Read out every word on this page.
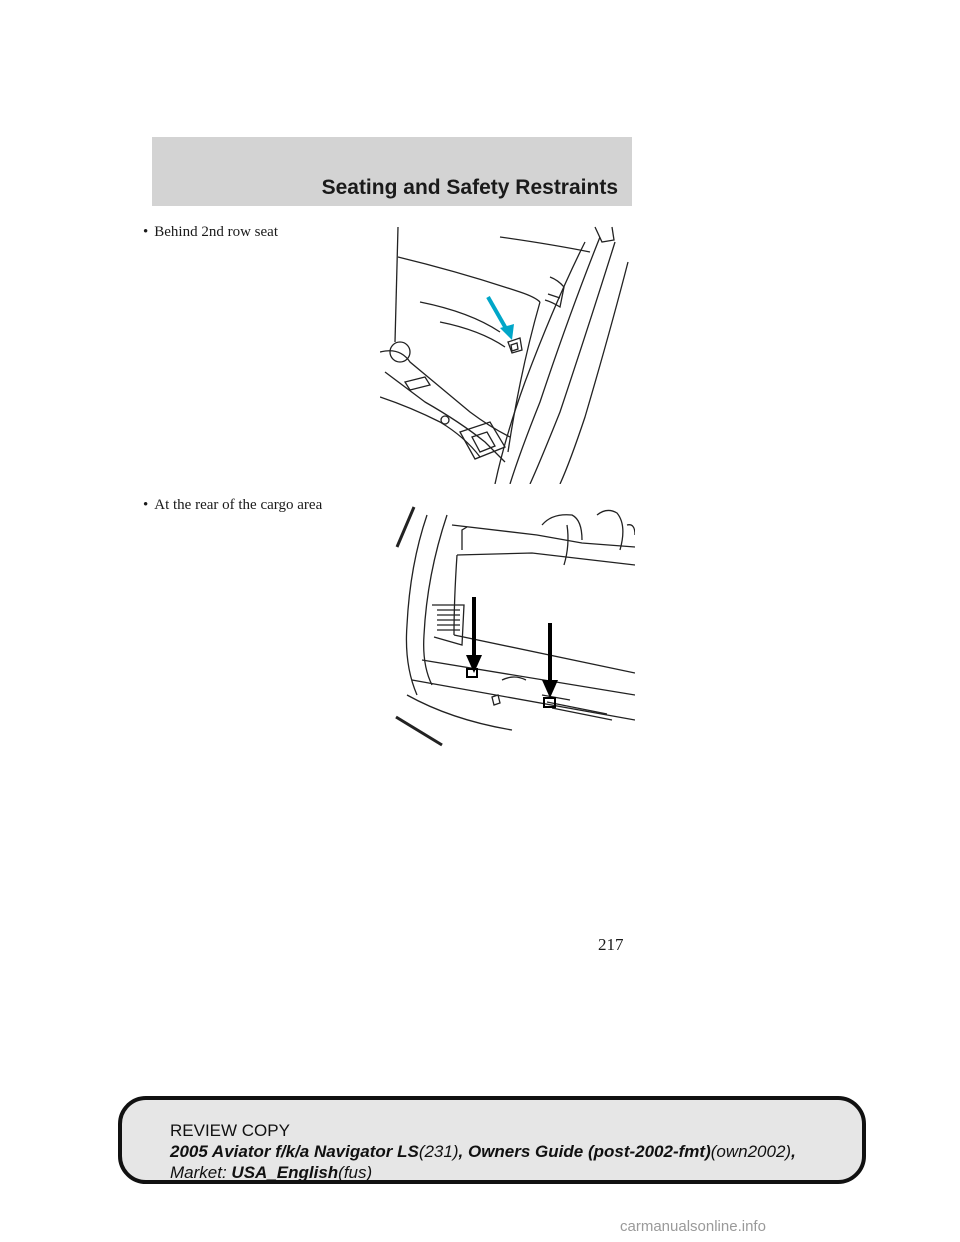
Seating and Safety Restraints
• Behind 2nd row seat
• At the rear of the cargo area
217
REVIEW COPY
2005 Aviator f/k/a Navigator LS(231), Owners Guide (post-2002-fmt)(own2002),
Market: USA_English(fus)
carmanualsonline.info
